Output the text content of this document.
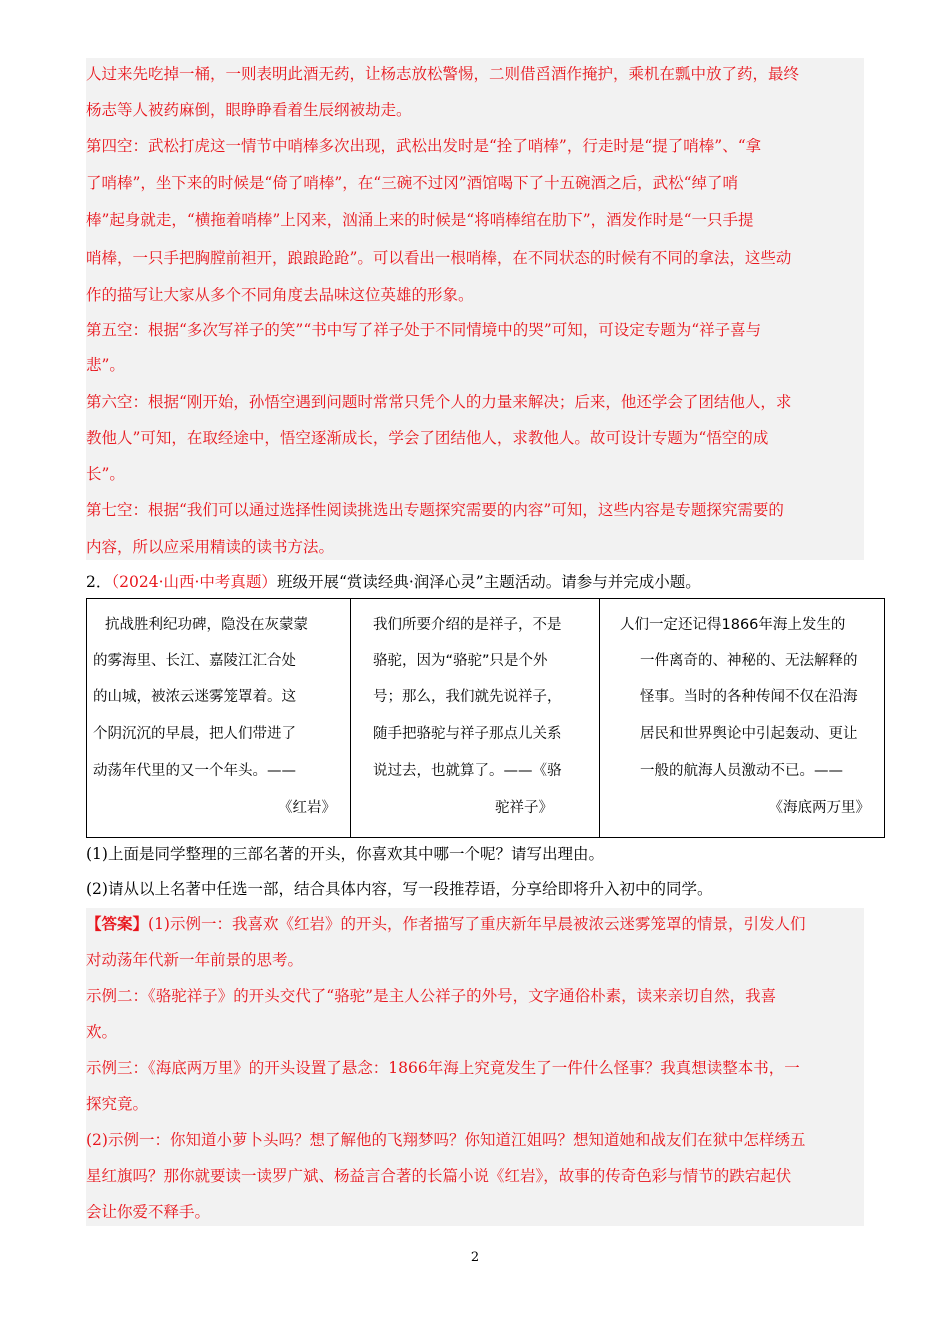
人过来先吃掉一桶，一则表明此酒无药，让杨志放松警惕，二则借舀酒作掩护，乘机在瓢中放了药，最终
杨志等人被药麻倒，眼睁睁看着生辰纲被劫走。
第四空：武松打虎这一情节中哨棒多次出现，武松出发时是“拴了哨棒”，行走时是“提了哨棒”、“拿
了哨棒”，坐下来的时候是“倚了哨棒”，在“三碗不过冈”酒馆喝下了十五碗酒之后，武松“绰了哨
棒”起身就走，“横拖着哨棒”上冈来，汹涌上来的时候是“将哨棒绾在肋下”，酒发作时是“一只手提
哨棒，一只手把胸膛前袒开，踉踉跄跄”。可以看出一根哨棒，在不同状态的时候有不同的拿法，这些动
作的描写让大家从多个不同角度去品味这位英雄的形象。
第五空：根据“多次写祥子的笑”“书中写了祥子处于不同情境中的哭”可知，可设定专题为“祥子喜与
悲”。
第六空：根据“刚开始，孙悟空遇到问题时常常只凭个人的力量来解决；后来，他还学会了团结他人，求
教他人”可知，在取经途中，悟空逐渐成长，学会了团结他人，求教他人。故可设计专题为“悟空的成
长”。
第七空：根据“我们可以通过选择性阅读挑选出专题探究需要的内容”可知，这些内容是专题探究需要的
内容，所以应采用精读的读书方法。
2．（2024·山西·中考真题）班级开展“赏读经典·润泽心灵”主题活动。请参与并完成小题。
抗战胜利纪功碑，隐没在灰蒙蒙
的雾海里、长江、嘉陵江汇合处
的山城，被浓云迷雾笼罩着。这
个阴沉沉的早晨，把人们带进了
动荡年代里的又一个年头。——
《红岩》

我们所要介绍的是祥子，不是
骆驼，因为“骆驼”只是个外
号；那么，我们就先说祥子，
随手把骆驼与祥子那点儿关系
说过去，也就算了。——《骆
驼祥子》

人们一定还记得1866年海上发生的
一件离奇的、神秘的、无法解释的
怪事。当时的各种传闻不仅在沿海
居民和世界舆论中引起轰动、更让
一般的航海人员激动不已。——
《海底两万里》
(1)上面是同学整理的三部名著的开头，你喜欢其中哪一个呢？请写出理由。
(2)请从以上名著中任选一部，结合具体内容，写一段推荐语，分享给即将升入初中的同学。
【答案】(1)示例一：我喜欢《红岩》的开头，作者描写了重庆新年早晨被浓云迷雾笼罩的情景，引发人们
对动荡年代新一年前景的思考。
示例二：《骆驼祥子》的开头交代了“骆驼”是主人公祥子的外号，文字通俗朴素，读来亲切自然，我喜
欢。
示例三：《海底两万里》的开头设置了悬念：1866年海上究竟发生了一件什么怪事？我真想读整本书，一
探究竟。
(2)示例一：你知道小萝卜头吗？想了解他的飞翔梦吗？你知道江姐吗？想知道她和战友们在狱中怎样绣五
星红旗吗？那你就要读一读罗广斌、杨益言合著的长篇小说《红岩》，故事的传奇色彩与情节的跌宕起伏
会让你爱不释手。
2
